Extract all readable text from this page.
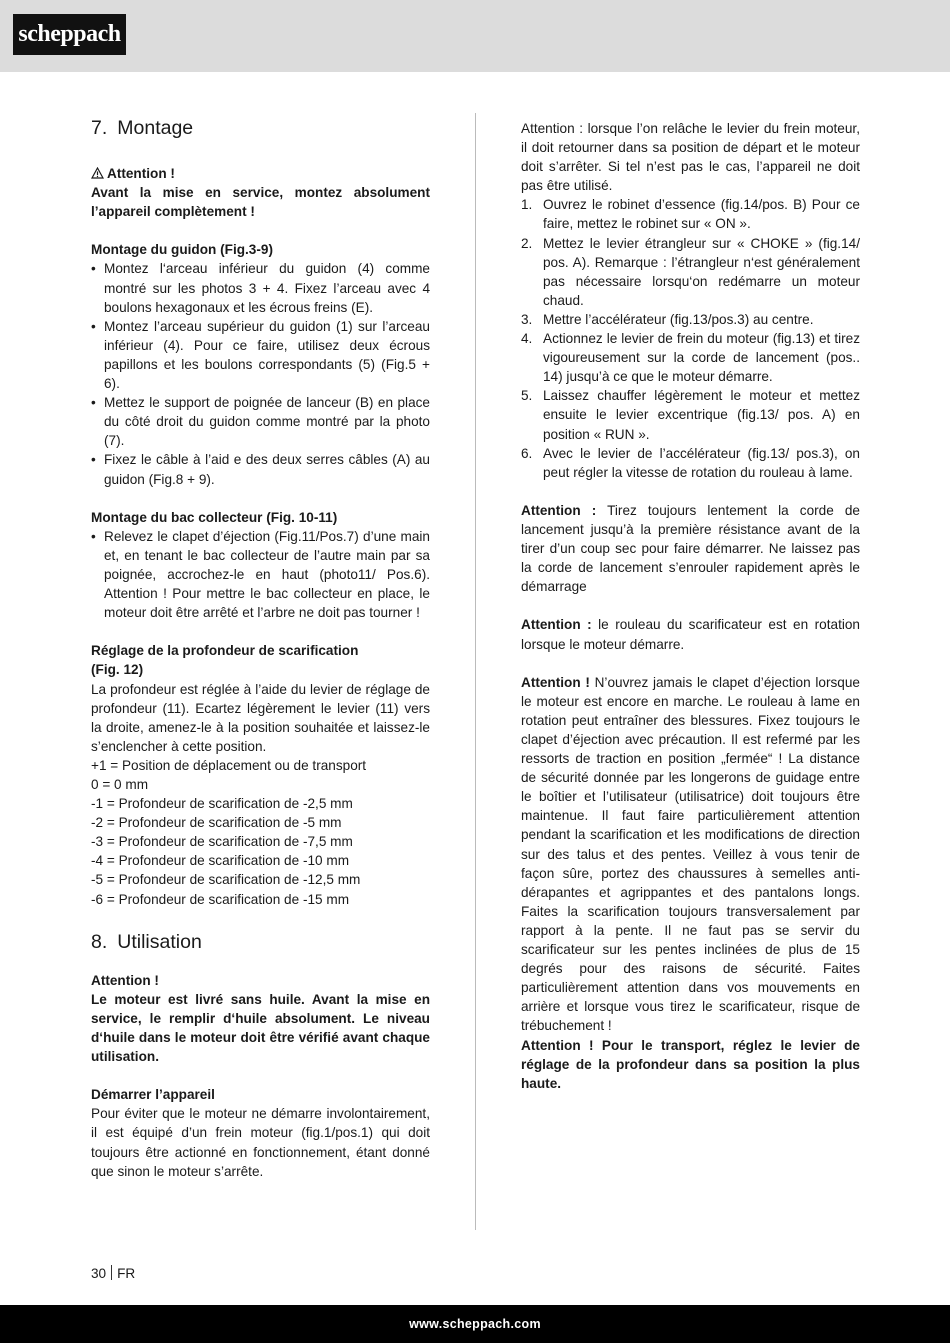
scheppach
7. Montage

Attention !

Avant la mise en service, montez absolument l’appareil complètement !

Montage du guidon (Fig.3-9)

• Montez l‘arceau inférieur du guidon (4) comme montré sur les photos 3 + 4. Fixez l’arceau avec 4 boulons hexagonaux et les écrous freins (E).
• Montez l’arceau supérieur du guidon (1) sur l’arceau inférieur (4). Pour ce faire, utilisez deux écrous papillons et les boulons correspondants (5) (Fig.5 + 6).
• Mettez le support de poignée de lanceur (B) en place du côté droit du guidon comme montré par la photo (7).
• Fixez le câble à l’aid e des deux serres câbles (A) au guidon (Fig.8 + 9).

Montage du bac collecteur (Fig. 10-11)

• Relevez le clapet d’éjection (Fig.11/Pos.7) d’une main et, en tenant le bac collecteur de l’autre main par sa poignée, accrochez-le en haut (photo11/ Pos.6). Attention ! Pour mettre le bac collecteur en place, le moteur doit être arrêté et l’arbre ne doit pas tourner !

Réglage de la profondeur de scarification

(Fig. 12)

La profondeur est réglée à l’aide du levier de réglage de profondeur (11). Ecartez légèrement le levier (11) vers la droite, amenez-le à la position souhaitée et laissez-le s’enclencher à cette position.

+1 = Position de déplacement ou de transport

0 = 0 mm

-1 = Profondeur de scarification de -2,5 mm

-2 = Profondeur de scarification de -5 mm

-3 = Profondeur de scarification de -7,5 mm

-4 = Profondeur de scarification de -10 mm

-5 = Profondeur de scarification de -12,5 mm

-6 = Profondeur de scarification de -15 mm

8. Utilisation

Attention !

Le moteur est livré sans huile. Avant la mise en service, le remplir d‘huile absolument. Le niveau d‘huile dans le moteur doit être vérifié avant chaque utilisation.

Démarrer l’appareil

Pour éviter que le moteur ne démarre involontairement, il est équipé d’un frein moteur (fig.1/pos.1) qui doit toujours être actionné en fonctionnement, étant donné que sinon le moteur s’arrête.

Attention : lorsque l’on relâche le levier du frein moteur, il doit retourner dans sa position de départ et le moteur doit s’arrêter. Si tel n’est pas le cas, l’appareil ne doit pas être utilisé.

1. Ouvrez le robinet d’essence (fig.14/pos. B) Pour ce faire, mettez le robinet sur « ON ».
2. Mettez le levier étrangleur sur « CHOKE » (fig.14/ pos. A). Remarque : l’étrangleur n‘est généralement pas nécessaire lorsqu‘on redémarre un moteur chaud.
3. Mettre l’accélérateur (fig.13/pos.3) au centre.
4. Actionnez le levier de frein du moteur (fig.13) et tirez vigoureusement sur la corde de lancement (pos.. 14) jusqu’à ce que le moteur démarre.
5. Laissez chauffer légèrement le moteur et mettez ensuite le levier excentrique (fig.13/ pos. A) en position « RUN ».
6. Avec le levier de l’accélérateur (fig.13/ pos.3), on peut régler la vitesse de rotation du rouleau à lame.

Attention : Tirez toujours lentement la corde de lancement jusqu’à la première résistance avant de la tirer d’un coup sec pour faire démarrer. Ne laissez pas la corde de lancement s’enrouler rapidement après le démarrage

Attention : le rouleau du scarificateur est en rotation lorsque le moteur démarre.

Attention ! N’ouvrez jamais le clapet d’éjection lorsque le moteur est encore en marche. Le rouleau à lame en rotation peut entraîner des blessures. Fixez toujours le clapet d’éjection avec précaution. Il est refermé par les ressorts de traction en position „fermée“ ! La distance de sécurité donnée par les longerons de guidage entre le boîtier et l’utilisateur (utilisatrice) doit toujours être maintenue. Il faut faire particulièrement attention pendant la scarification et les modifications de direction sur des talus et des pentes. Veillez à vous tenir de façon sûre, portez des chaussures à semelles anti-dérapantes et agrippantes et des pantalons longs. Faites la scarification toujours transversalement par rapport à la pente. Il ne faut pas se servir du scarificateur sur les pentes inclinées de plus de 15 degrés pour des raisons de sécurité. Faites particulièrement attention dans vos mouvements en arrière et lorsque vous tirez le scarificateur, risque de trébuchement !

Attention ! Pour le transport, réglez le levier de réglage de la profondeur dans sa position la plus haute.

30 FR
www.scheppach.com
